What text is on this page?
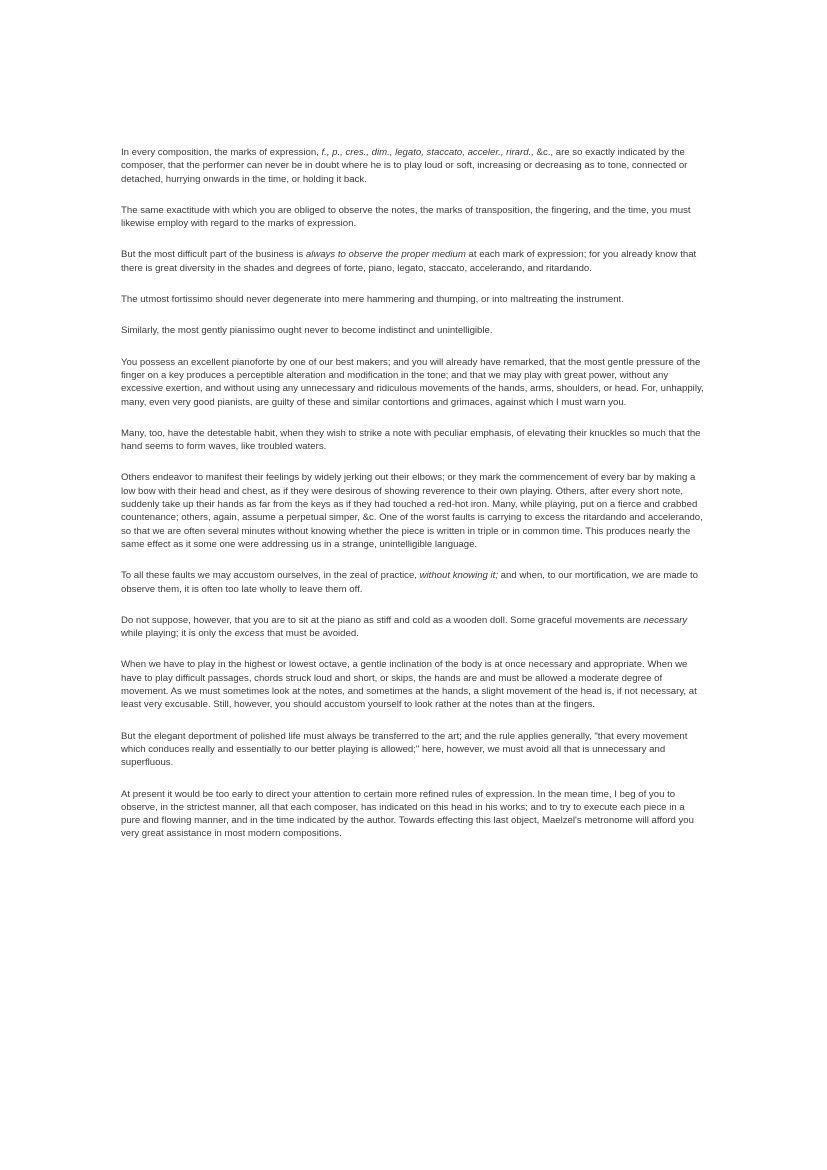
In every composition, the marks of expression, f., p., cres., dim., legato, staccato, acceler., rirard., &c., are so exactly indicated by the composer, that the performer can never be in doubt where he is to play loud or soft, increasing or decreasing as to tone, connected or detached, hurrying onwards in the time, or holding it back.

The same exactitude with which you are obliged to observe the notes, the marks of transposition, the fingering, and the time, you must likewise employ with regard to the marks of expression.

But the most difficult part of the business is always to observe the proper medium at each mark of expression; for you already know that there is great diversity in the shades and degrees of forte, piano, legato, staccato, accelerando, and ritardando.

The utmost fortissimo should never degenerate into mere hammering and thumping, or into maltreating the instrument.

Similarly, the most gently pianissimo ought never to become indistinct and unintelligible.

You possess an excellent pianoforte by one of our best makers; and you will already have remarked, that the most gentle pressure of the finger on a key produces a perceptible alteration and modification in the tone; and that we may play with great power, without any excessive exertion, and without using any unnecessary and ridiculous movements of the hands, arms, shoulders, or head. For, unhappily, many, even very good pianists, are guilty of these and similar contortions and grimaces, against which I must warn you.

Many, too, have the detestable habit, when they wish to strike a note with peculiar emphasis, of elevating their knuckles so much that the hand seems to form waves, like troubled waters.

Others endeavor to manifest their feelings by widely jerking out their elbows; or they mark the commencement of every bar by making a low bow with their head and chest, as if they were desirous of showing reverence to their own playing. Others, after every short note, suddenly take up their hands as far from the keys as if they had touched a red-hot iron. Many, while playing, put on a fierce and crabbed countenance; others, again, assume a perpetual simper, &c. One of the worst faults is carrying to excess the ritardando and accelerando, so that we are often several minutes without knowing whether the piece is written in triple or in common time. This produces nearly the same effect as it some one were addressing us in a strange, unintelligible language.

To all these faults we may accustom ourselves, in the zeal of practice, without knowing it; and when, to our mortification, we are made to observe them, it is often too late wholly to leave them off.

Do not suppose, however, that you are to sit at the piano as stiff and cold as a wooden doll. Some graceful movements are necessary while playing; it is only the excess that must be avoided.

When we have to play in the highest or lowest octave, a gentle inclination of the body is at once necessary and appropriate. When we have to play difficult passages, chords struck loud and short, or skips, the hands are and must be allowed a moderate degree of movement. As we must sometimes look at the notes, and sometimes at the hands, a slight movement of the head is, if not necessary, at least very excusable. Still, however, you should accustom yourself to look rather at the notes than at the fingers.

But the elegant deportment of polished life must always be transferred to the art; and the rule applies generally, "that every movement which conduces really and essentially to our better playing is allowed;" here, however, we must avoid all that is unnecessary and superfluous.

At present it would be too early to direct your attention to certain more refined rules of expression. In the mean time, I beg of you to observe, in the strictest manner, all that each composer, has indicated on this head in his works; and to try to execute each piece in a pure and flowing manner, and in the time indicated by the author. Towards effecting this last object, Maelzel's metronome will afford you very great assistance in most modern compositions.
